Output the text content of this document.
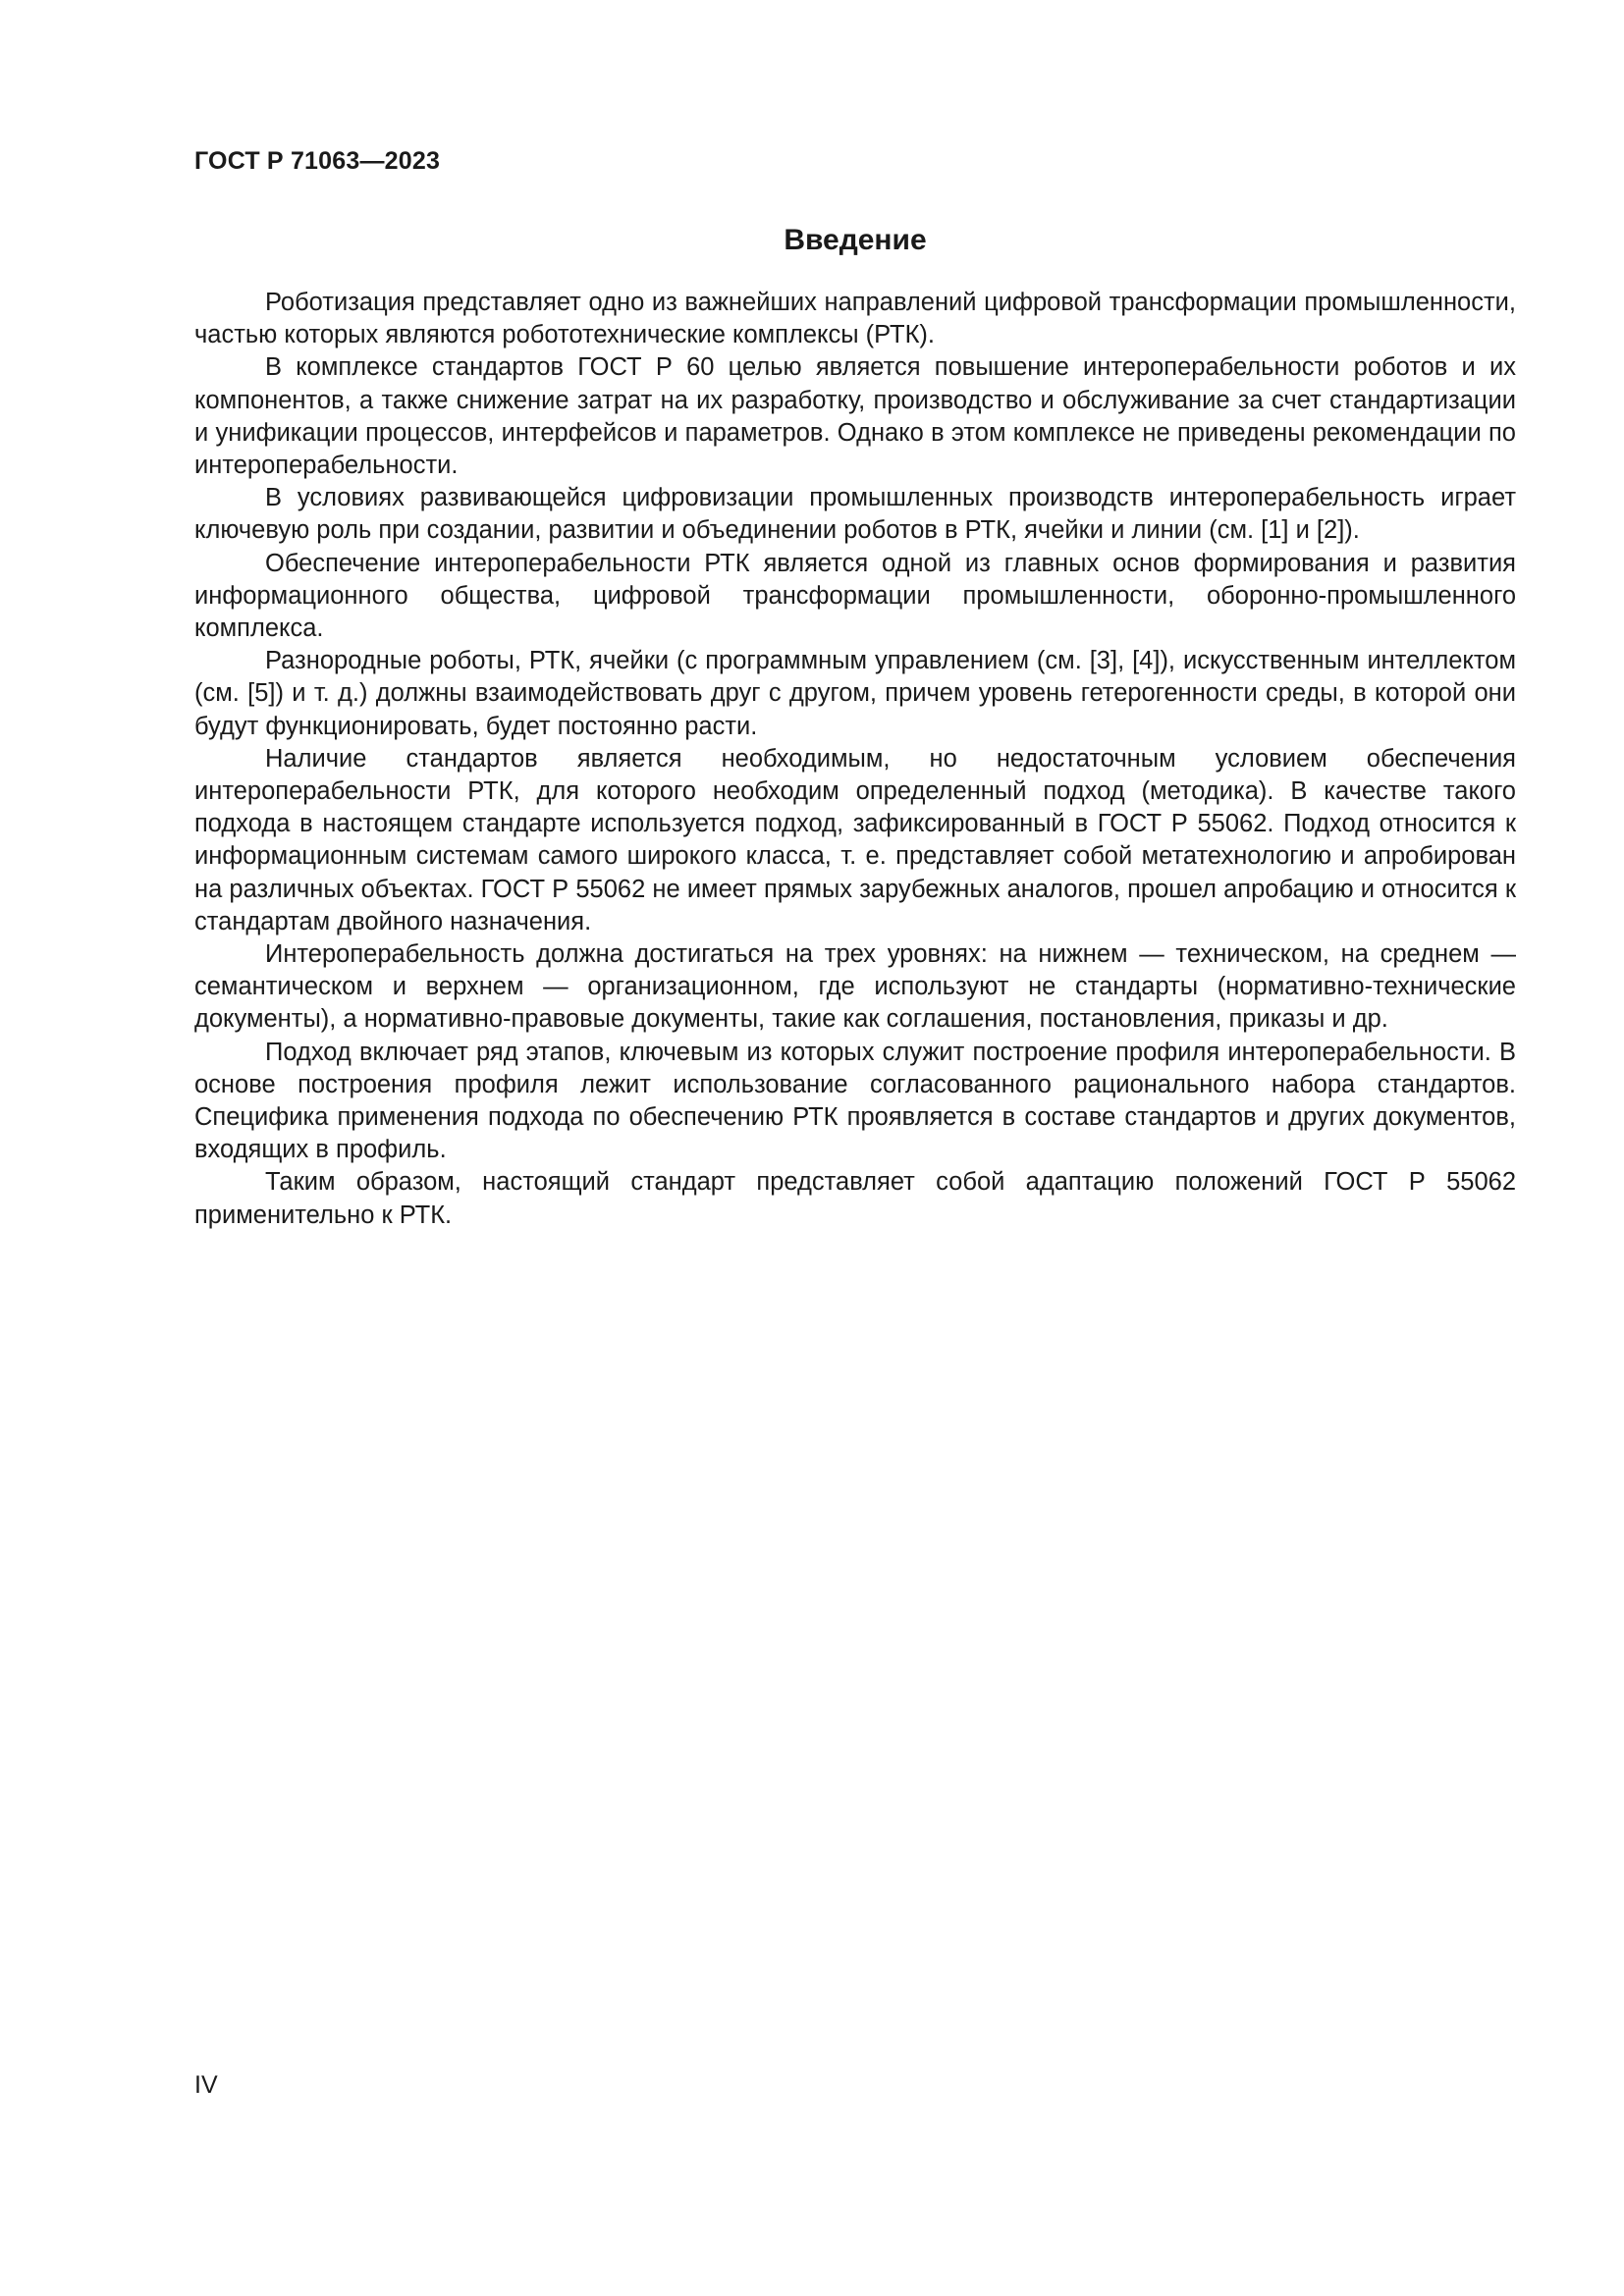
ГОСТ Р 71063—2023
Введение

Роботизация представляет одно из важнейших направлений цифровой трансформации промышленности, частью которых являются робототехнические комплексы (РТК).

В комплексе стандартов ГОСТ Р 60 целью является повышение интероперабельности роботов и их компонентов, а также снижение затрат на их разработку, производство и обслуживание за счет стандартизации и унификации процессов, интерфейсов и параметров. Однако в этом комплексе не приведены рекомендации по интероперабельности.

В условиях развивающейся цифровизации промышленных производств интероперабельность играет ключевую роль при создании, развитии и объединении роботов в РТК, ячейки и линии (см. [1] и [2]).

Обеспечение интероперабельности РТК является одной из главных основ формирования и развития информационного общества, цифровой трансформации промышленности, оборонно-промышленного комплекса.

Разнородные роботы, РТК, ячейки (с программным управлением (см. [3], [4]), искусственным интеллектом (см. [5]) и т. д.) должны взаимодействовать друг с другом, причем уровень гетерогенности среды, в которой они будут функционировать, будет постоянно расти.

Наличие стандартов является необходимым, но недостаточным условием обеспечения интероперабельности РТК, для которого необходим определенный подход (методика). В качестве такого подхода в настоящем стандарте используется подход, зафиксированный в ГОСТ Р 55062. Подход относится к информационным системам самого широкого класса, т. е. представляет собой метатехнологию и апробирован на различных объектах. ГОСТ Р 55062 не имеет прямых зарубежных аналогов, прошел апробацию и относится к стандартам двойного назначения.

Интероперабельность должна достигаться на трех уровнях: на нижнем — техническом, на среднем — семантическом и верхнем — организационном, где используют не стандарты (нормативно-технические документы), а нормативно-правовые документы, такие как соглашения, постановления, приказы и др.

Подход включает ряд этапов, ключевым из которых служит построение профиля интероперабельности. В основе построения профиля лежит использование согласованного рационального набора стандартов. Специфика применения подхода по обеспечению РТК проявляется в составе стандартов и других документов, входящих в профиль.

Таким образом, настоящий стандарт представляет собой адаптацию положений ГОСТ Р 55062 применительно к РТК.

IV
